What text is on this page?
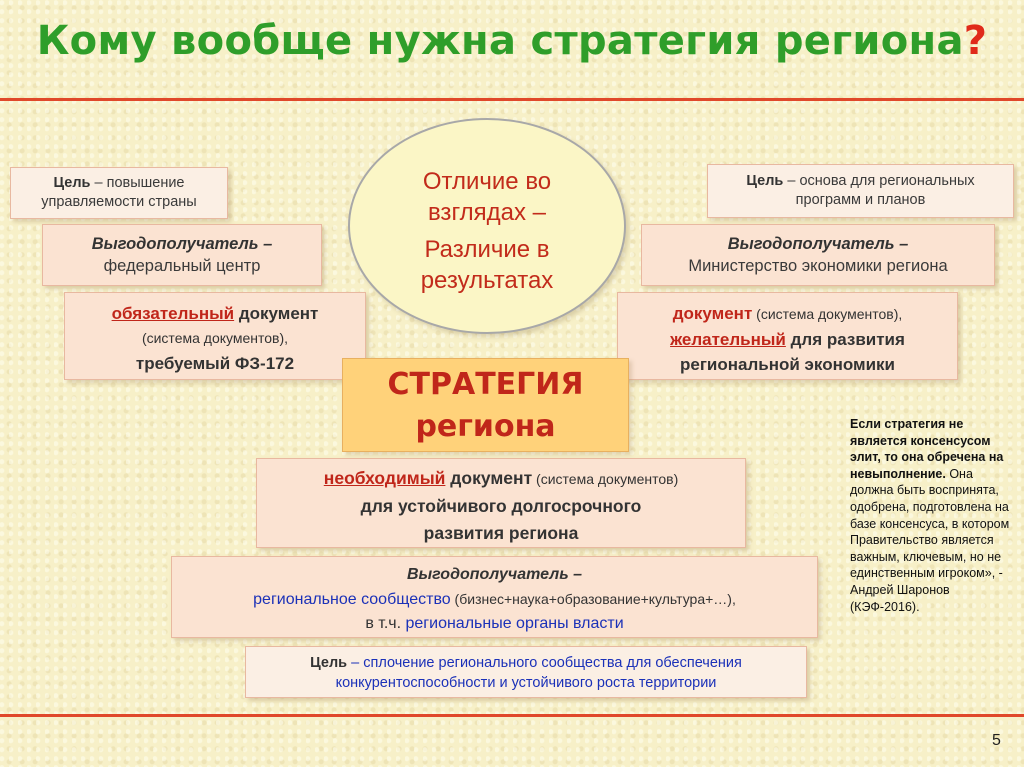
Кому вообще нужна стратегия региона?
Отличие во
взглядах –
Различие в
результатах
Цель – повышение
управляемости страны
Выгодополучатель –
федеральный центр
обязательный документ
(система документов),
требуемый ФЗ-172
Цель – основа для региональных
программ и планов
Выгодополучатель –
Министерство экономики региона
документ (система документов),
желательный для развития
региональной экономики
СТРАТЕГИЯ
региона
необходимый документ (система документов)
для устойчивого долгосрочного
развития региона
Выгодополучатель –
региональное сообщество (бизнес+наука+образование+культура+…),
в т.ч. региональные органы власти
Цель – сплочение регионального сообщества для обеспечения
конкурентоспособности и устойчивого роста территории
Если стратегия не является консенсусом элит, то она обречена на невыполнение. Она должна быть воспринята, одобрена, подготовлена на базе консенсуса, в котором Правительство является важным, ключевым, но не единственным игроком», - Андрей Шаронов (КЭФ-2016).
5
